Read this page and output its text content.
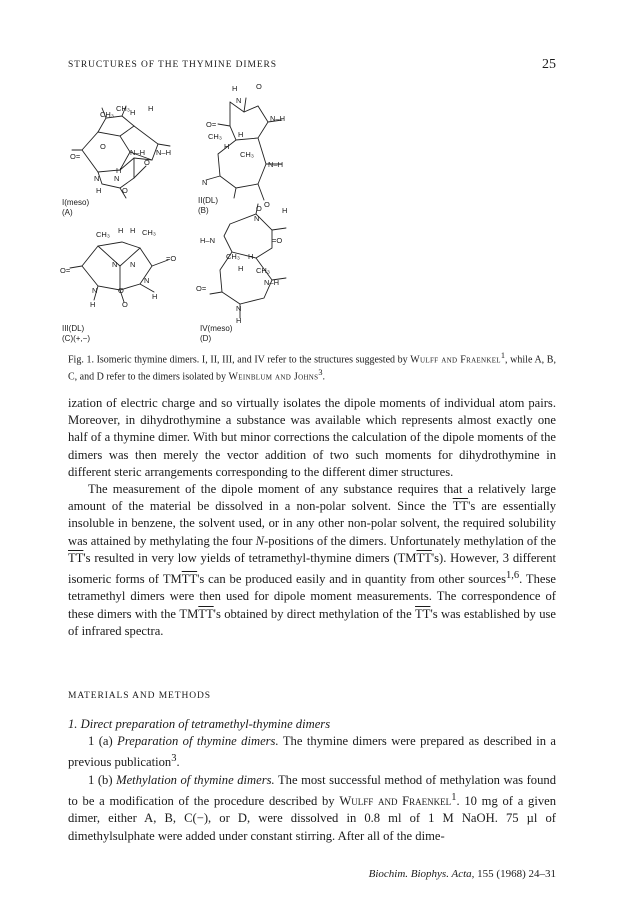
STRUCTURES OF THE THYMINE DIMERS	25
CH₃
CH₃ H H
O=
O
N–H N–H
O
N N
H
H	O
I(meso)
(A)
H O
N
O=
N–H
CH₃ H
H
CH₃
N–H
N
O
II(DL)
(B)
CH₃ H H CH₃
O=
N N
=O
N
N	O
H
H	O
III(DL)
(C)(+,−)
O	H
N
H–N	=O
CH₃ H
H CH₃
O=
N–H
N
H
IV(meso)
(D)
Fig. 1. Isomeric thymine dimers. I, II, III, and IV refer to the structures suggested by Wulff and Fraenkel$^1$, while A, B, C, and D refer to the dimers isolated by Weinblum and Johns$^3$.

ization of electric charge and so virtually isolates the dipole moments of individual atom pairs. Moreover, in dihydrothymine a substance was available which represents almost exactly one half of a thymine dimer. With but minor corrections the calculation of the dipole moments of the dimers was then merely the vector addition of two such moments for dihydrothymine in different steric arrangements corresponding to the different dimer structures.

The measurement of the dipole moment of any substance requires that a relatively large amount of the material be dissolved in a non-polar solvent. Since the $\overline{TT}'s$ are essentially insoluble in benzene, the solvent used, or in any other non-polar solvent, the required solubility was attained by methylating the four N-positions of the dimers. Unfortunately methylation of the $\overline{TT}'s$ resulted in very low yields of tetramethyl-thymine dimers $(TM\overline{TT}'s)$. However, 3 different isomeric forms of $TM\overline{TT}'s$ can be produced easily and in quantity from other sources$^{1,6}$. These tetramethyl dimers were then used for dipole moment measurements. The correspondence of these dimers with the $TM\overline{TT}'s$ obtained by direct methylation of the $\overline{TT}'s$ was established by use of infrared spectra.

MATERIALS AND METHODS

1. Direct preparation of tetramethyl-thymine dimers

1 (a) Preparation of thymine dimers. The thymine dimers were prepared as described in a previous publication$^3$.

1 (b) Methylation of thymine dimers. The most successful method of methylation was found to be a modification of the procedure described by Wulff and Fraenkel$^1$. 10 mg of a given dimer, either A, B, C(−), or D, were dissolved in 0.8 ml of 1 M NaOH. 75 µl of dimethylsulphate were added under constant stirring. After all of the dime-

Biochim. Biophys. Acta, 155 (1968) 24–31
